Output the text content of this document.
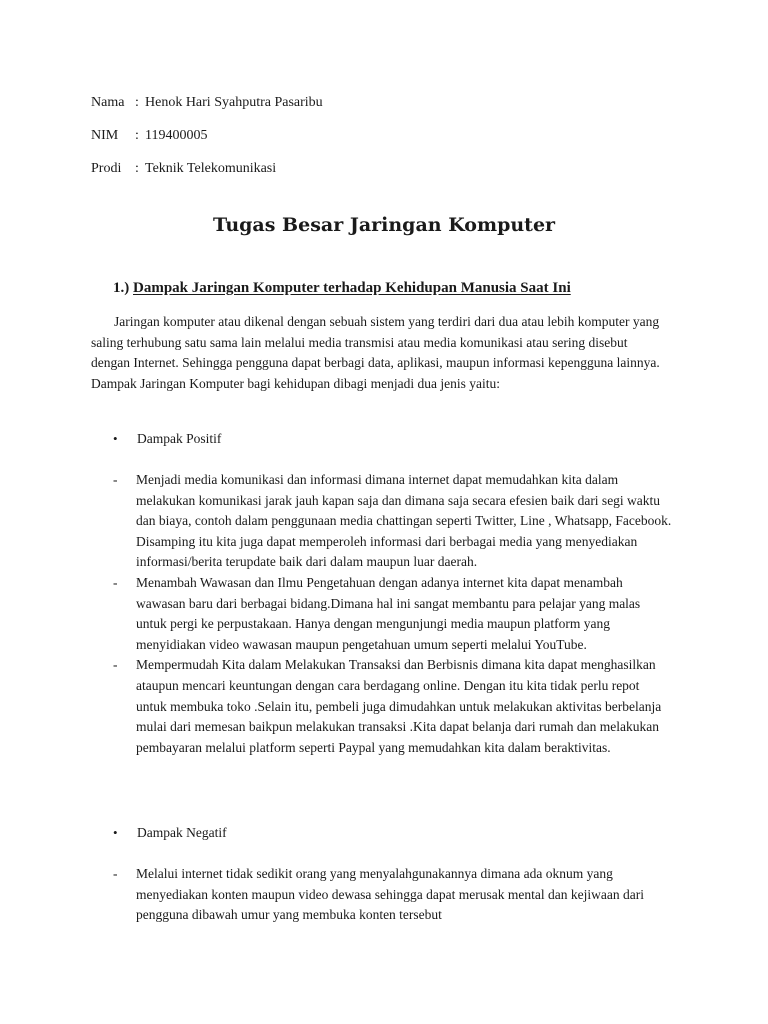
Nama : Henok Hari Syahputra Pasaribu
NIM : 119400005
Prodi : Teknik Telekomunikasi
Tugas Besar Jaringan Komputer
1.) Dampak Jaringan Komputer terhadap Kehidupan Manusia Saat Ini
Jaringan komputer atau dikenal dengan sebuah sistem yang terdiri dari dua atau lebih komputer yang saling terhubung satu sama lain melalui media transmisi atau media komunikasi atau sering disebut dengan Internet. Sehingga pengguna dapat berbagi data, aplikasi, maupun informasi kepengguna lainnya. Dampak Jaringan Komputer bagi kehidupan dibagi menjadi dua jenis yaitu:
• Dampak Positif
-	Menjadi media komunikasi dan informasi dimana internet dapat memudahkan kita dalam melakukan komunikasi jarak jauh kapan saja dan dimana saja secara efesien baik dari segi waktu dan biaya, contoh dalam penggunaan media chattingan seperti Twitter, Line , Whatsapp, Facebook. Disamping itu kita juga dapat memperoleh informasi dari berbagai media yang menyediakan informasi/berita terupdate baik dari dalam maupun luar daerah.
-	Menambah Wawasan dan Ilmu Pengetahuan dengan adanya internet kita dapat menambah wawasan baru dari berbagai bidang.Dimana hal ini sangat membantu para pelajar yang malas untuk pergi ke perpustakaan. Hanya dengan mengunjungi media maupun platform yang menyidiakan video wawasan maupun pengetahuan umum seperti melalui YouTube.
-	Mempermudah Kita dalam Melakukan Transaksi dan Berbisnis dimana kita dapat menghasilkan ataupun mencari keuntungan dengan cara berdagang online. Dengan itu kita tidak perlu repot untuk membuka toko .Selain itu, pembeli juga dimudahkan untuk melakukan aktivitas berbelanja mulai dari memesan baikpun melakukan transaksi .Kita dapat belanja dari rumah dan melakukan pembayaran melalui platform seperti Paypal yang memudahkan kita dalam beraktivitas.
• Dampak Negatif
-	Melalui internet tidak sedikit orang yang menyalahgunakannya dimana ada oknum yang menyediakan konten maupun video dewasa sehingga dapat merusak mental dan kejiwaan dari pengguna dibawah umur yang membuka konten tersebut
